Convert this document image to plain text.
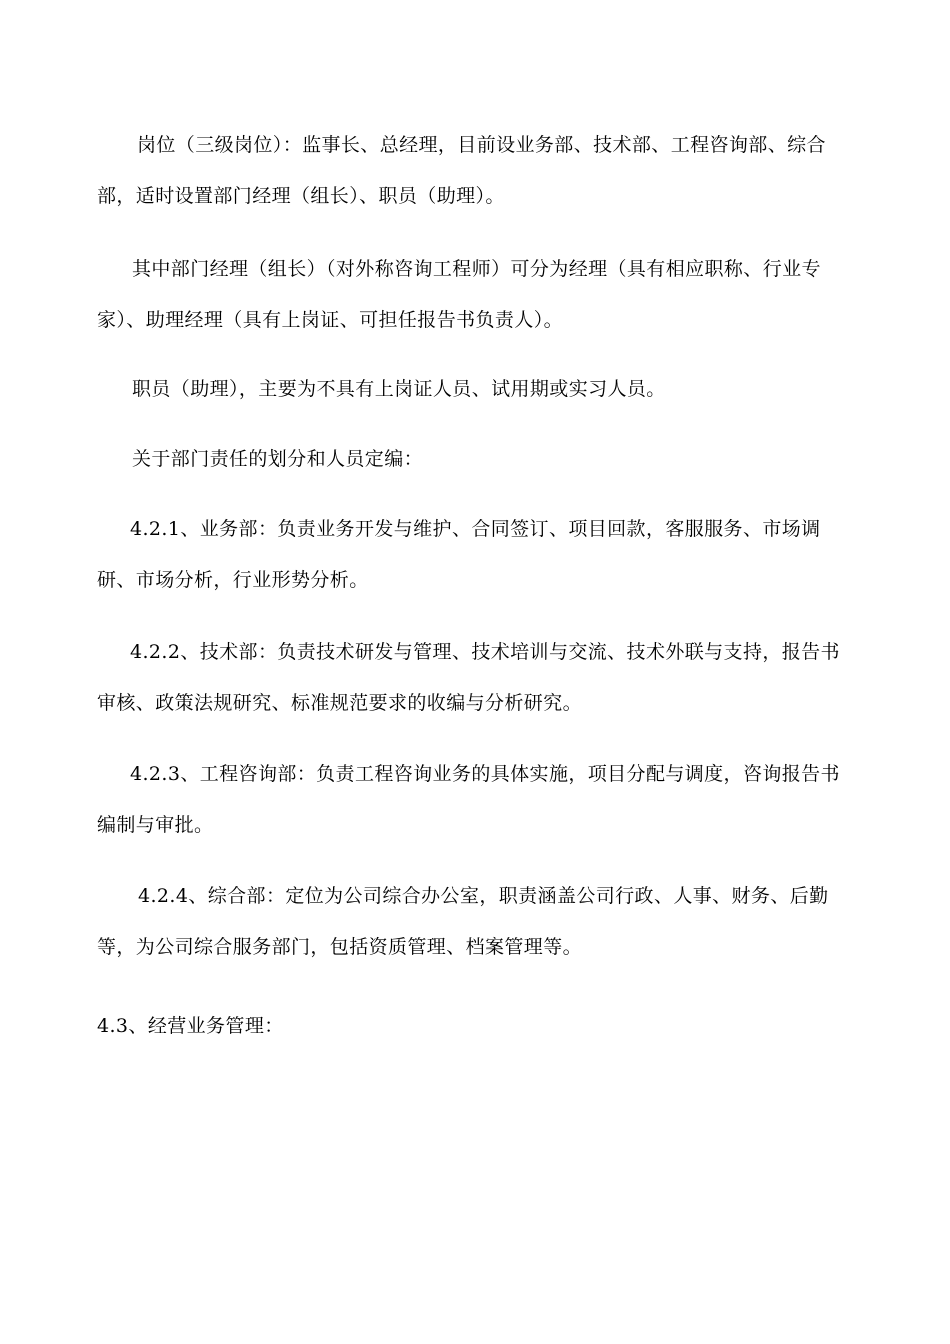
岗位（三级岗位）：监事长、总经理，目前设业务部、技术部、工程咨询部、综合部，适时设置部门经理（组长）、职员（助理）。

其中部门经理（组长）（对外称咨询工程师）可分为经理（具有相应职称、行业专家）、助理经理（具有上岗证、可担任报告书负责人）。

职员（助理），主要为不具有上岗证人员、试用期或实习人员。

关于部门责任的划分和人员定编：

4.2.1、业务部：负责业务开发与维护、合同签订、项目回款，客服服务、市场调研、市场分析，行业形势分析。

4.2.2、技术部：负责技术研发与管理、技术培训与交流、技术外联与支持，报告书审核、政策法规研究、标准规范要求的收编与分析研究。

4.2.3、工程咨询部：负责工程咨询业务的具体实施，项目分配与调度，咨询报告书编制与审批。

4.2.4、综合部：定位为公司综合办公室，职责涵盖公司行政、人事、财务、后勤等，为公司综合服务部门，包括资质管理、档案管理等。

4.3、经营业务管理：
